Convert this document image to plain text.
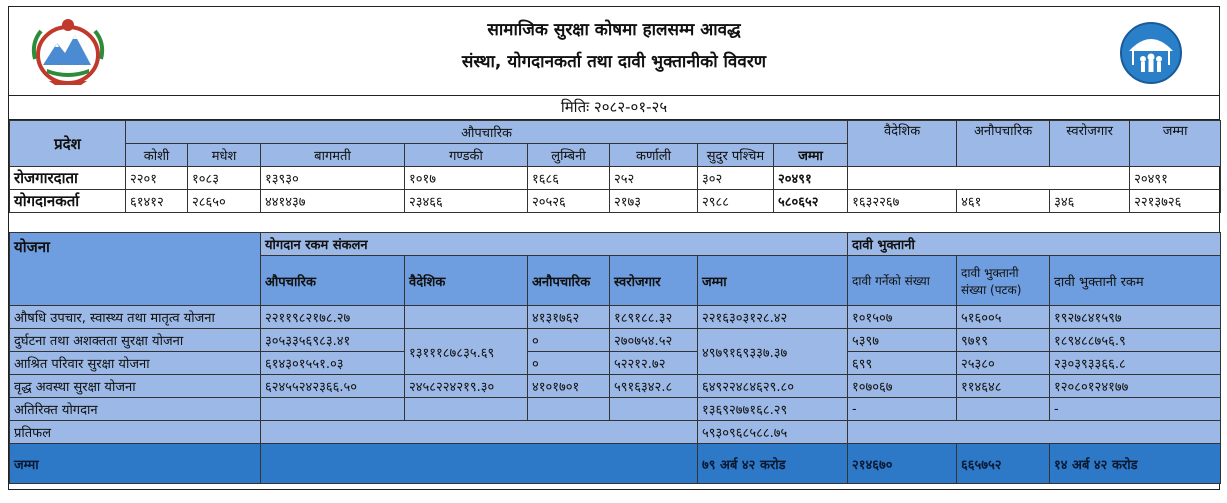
सामाजिक सुरक्षा कोषमा हालसम्म आवद्ध
संस्था, योगदानकर्ता तथा दावी भुक्तानीको विवरण
मितिः २०८२-०१-२५
प्रदेश	औपचारिक								वैदेशिक	अनौपचारिक	स्वरोजगार	जम्मा
	कोशी	मधेश	बागमती	गण्डकी	लुम्बिनी	कर्णाली	सुदुर पश्चिम	जम्मा				
रोजगारदाता	२२०१	१०८३	१३९३०	१०१७	१६८६	२५२	३०२	२०४९१				२०४९१
योगदानकर्ता	६१४१२	२८६५०	४४१४३७	२३४६६	२०५२६	२१७३	२९८८	५८०६५२	१६३२२६७	४६१	३४६	२२१३७२६
योजना	योगदान रकम संकलन					दावी भुक्तानी		
	औपचारिक	वैदेशिक	अनौपचारिक	स्वरोजगार	जम्मा	दावी गर्नेको संख्या	दावी भुक्तानी संख्या (पटक)	दावी भुक्तानी रकम
औषधि उपचार, स्वास्थ्य तथा मातृत्व योजना	२२११९८२१७८.२७		४१३१७६२	१८९१८८.३२	२२१६३०३१२८.४२	१०१५०७	५१६००५	१९२७८४१५९७
दुर्घटना तथा अशक्तता सुरक्षा योजना	३०५३३५६९८३.४१	१३१११८७८३५.६९	०	२७०७५४.५२	४९७९१६९३३७.३७	५३९७	९७१९	१८९४८८७५६.९
आश्रित परिवार सुरक्षा योजना	६१४३०१५५१.०३		०	५२२१२.७२		६९९	२५३८०	२३०३९३३६६.८
वृद्ध अवस्था सुरक्षा योजना	६२४५५२४२३६६.५०	२४५८२२४२१९.३०	४१०१७०१	५९१६३४२.८	६४९२२४८४६२९.८०	१०७०६७	११४६४८	१२०८०१२४१७७
अतिरिक्त योगदान					१३६९२७७१६८.२९	-		-
प्रतिफल					५९३०९६८५८८.७५			
जम्मा					७९ अर्ब ४२ करोड	२१४६७०	६६५७५२	१४ अर्ब ४२ करोड
